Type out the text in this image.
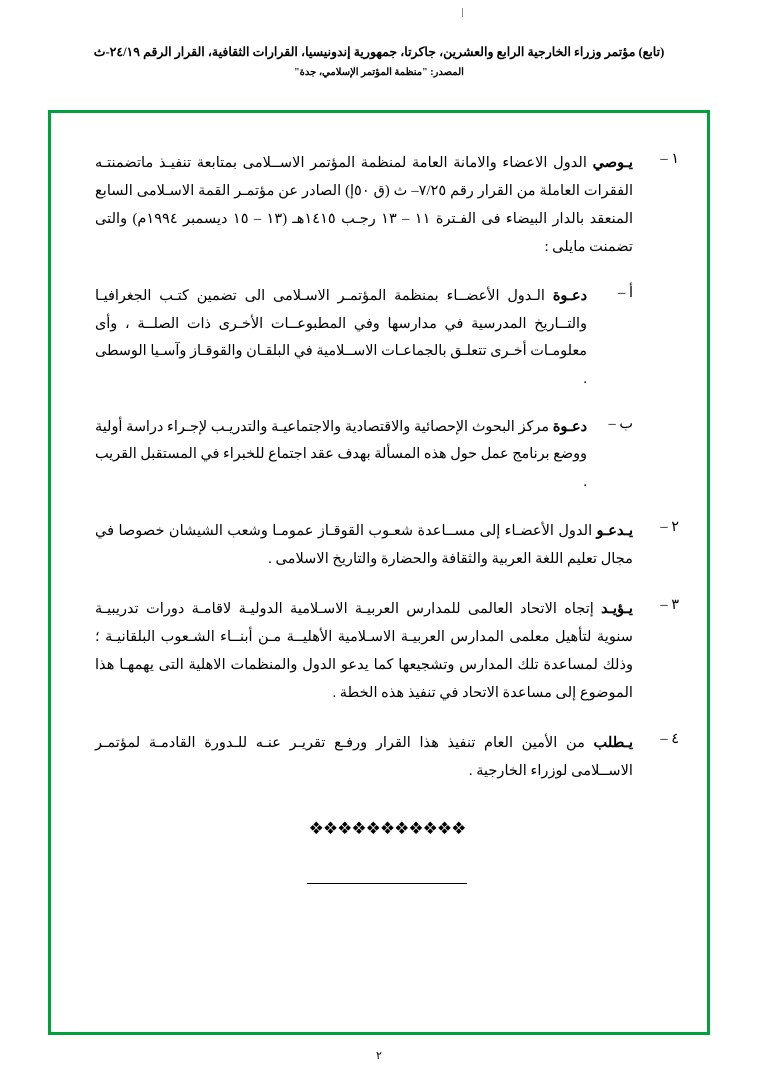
(تابع) مؤتمر وزراء الخارجية الرابع والعشرين، جاكرتا، جمهورية إندونيسيا، القرارات الثقافية، القرار الرقم ٢٤/١٩-ث
المصدر: "منظمة المؤتمر الإسلامي، جدة"
١ –
يـوصي الدول الاعضاء والامانة العامة لمنظمة المؤتمر الاســلامى بمتابعة تنفيـذ ماتضمنتـه الفقرات العاملة من القرار رقم ٧/٢٥– ث (ق ٥٠إ) الصادر عن مؤتمـر القمة الاسـلامى السابع المنعقد بالدار البيضاء فى الفـترة ١١ – ١٣ رجـب ١٤١٥هـ (١٣ – ١٥ ديسمبر ١٩٩٤م) والتى تضمنت مايلى :
أ –
دعـوة الـدول الأعضــاء بمنظمة المؤتمـر الاسـلامى الى تضمين كتـب الجغرافيـا والتــاريخ المدرسية في مدارسها وفي المطبوعــات الأخـرى ذات الصلــة ، وأى معلومـات أخـرى تتعلـق بالجماعـات الاســلامية في البلقـان والقوقـاز وآسـيا الوسطى .
ب –
دعـوة مركز البحوث الإحصائية والاقتصادية والاجتماعيـة والتدريـب لإجـراء دراسة أولية ووضع برنامج عمل حول هذه المسألة بهدف عقد اجتماع للخبراء في المستقبل القريب .
٢ –
يـدعـو الدول الأعضـاء إلى مســاعدة شعـوب القوقـاز عمومـا وشعب الشيشان خصوصا في مجال تعليم اللغة العربية والثقافة والحضارة والتاريخ الاسلامى .
٣ –
يـؤيـد إتجاه الاتحاد العالمى للمدارس العربيـة الاسـلامية الدوليـة لاقامـة دورات تدريبيـة سنوية لتأهيل معلمى المدارس العربيـة الاسـلامية الأهليــة مـن أبنــاء الشـعوب البلقانيـة ؛ وذلك لمساعدة تلك المدارس وتشجيعها كما يدعو الدول والمنظمات الاهلية التى يهمهـا هذا الموضوع إلى مساعدة الاتحاد في تنفيذ هذه الخطة .
٤ –
يـطلب من الأمين العام تنفيذ هذا القرار ورفـع تقريـر عنـه للـدورة القادمـة لمؤتمـر الاســلامى لوزراء الخارجية .
❖❖❖❖❖❖❖❖❖❖❖
٢
